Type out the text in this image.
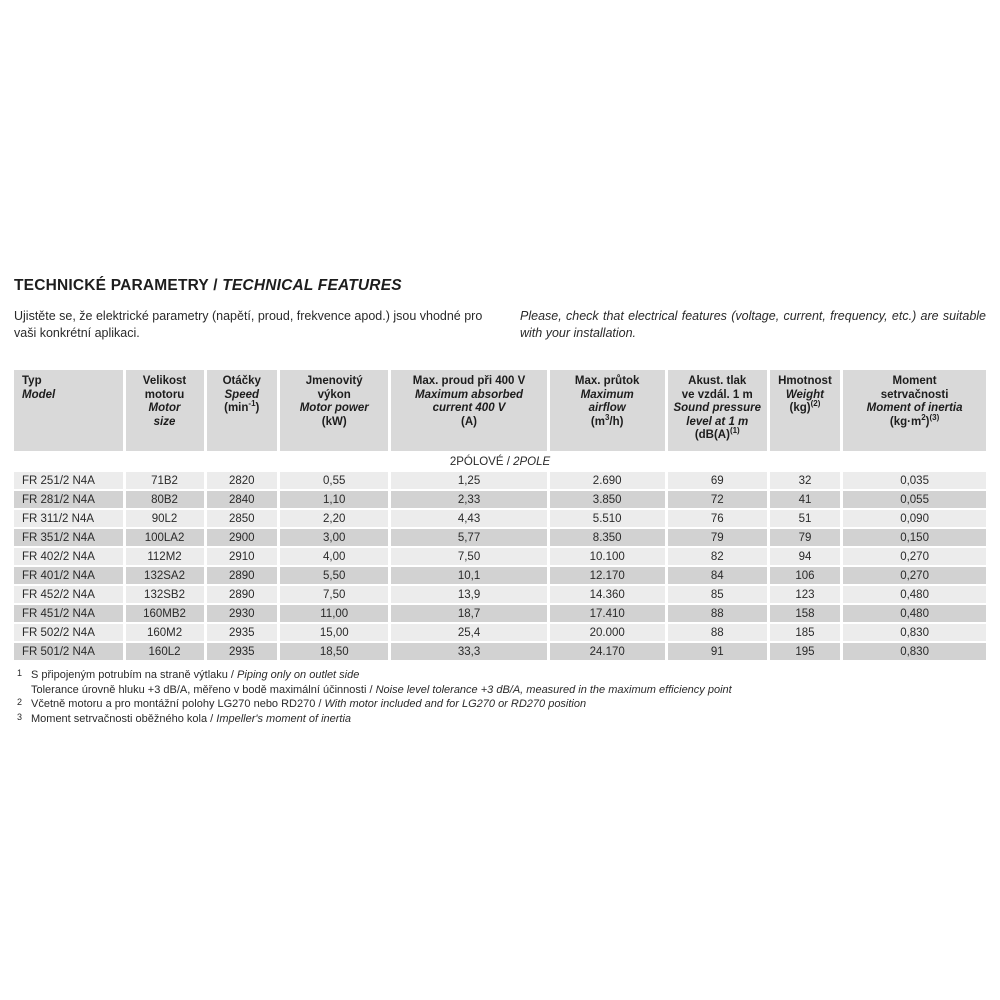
TECHNICKÉ PARAMETRY / TECHNICAL FEATURES

Ujistěte se, že elektrické parametry (napětí, proud, frekvence apod.) jsou vhodné pro vaši konkrétní aplikaci.

Please, check that electrical features (voltage, current, frequency, etc.) are suitable with your installation.

Typ
Model	Velikost
motoru
Motor
size	Otáčky
Speed
$(\min^{-1})$	Jmenovitý
výkon
Motor power
(kW)	Max. proud při 400 V
Maximum absorbed
current 400 V
(A)	Max. průtok
Maximum
airflow
$(m^3/h)$	Akust. tlak
ve vzdál. 1 m
Sound pressure
level at 1 m
($dB(A)^{(1)}$	Hmotnost
Weight
(kg)$^{(2)}$	Moment
setrvačnosti
Moment of inertia
$(kg\cdot m^2)^{(3)}$

2PÓLOVÉ / 2POLE								
FR 251/2 N4A	71B2	2820	0,55	1,25	2.690	69	32	0,035
FR 281/2 N4A	80B2	2840	1,10	2,33	3.850	72	41	0,055
FR 311/2 N4A	90L2	2850	2,20	4,43	5.510	76	51	0,090
FR 351/2 N4A	100LA2	2900	3,00	5,77	8.350	79	79	0,150
FR 402/2 N4A	112M2	2910	4,00	7,50	10.100	82	94	0,270
FR 401/2 N4A	132SA2	2890	5,50	10,1	12.170	84	106	0,270
FR 452/2 N4A	132SB2	2890	7,50	13,9	14.360	85	123	0,480
FR 451/2 N4A	160MB2	2930	11,00	18,7	17.410	88	158	0,480
FR 502/2 N4A	160M2	2935	15,00	25,4	20.000	88	185	0,830
FR 501/2 N4A	160L2	2935	18,50	33,3	24.170	91	195	0,830
1 S připojeným potrubím na straně výtlaku / Piping only on outlet side
Tolerance úrovně hluku +3 dB/A, měřeno v bodě maximální účinnosti / Noise level tolerance +3 dB/A, measured in the maximum efficiency point
2 Včetně motoru a pro montážní polohy LG270 nebo RD270 / With motor included and for LG270 or RD270 position
3 Moment setrvačnosti oběžného kola / Impeller's moment of inertia
